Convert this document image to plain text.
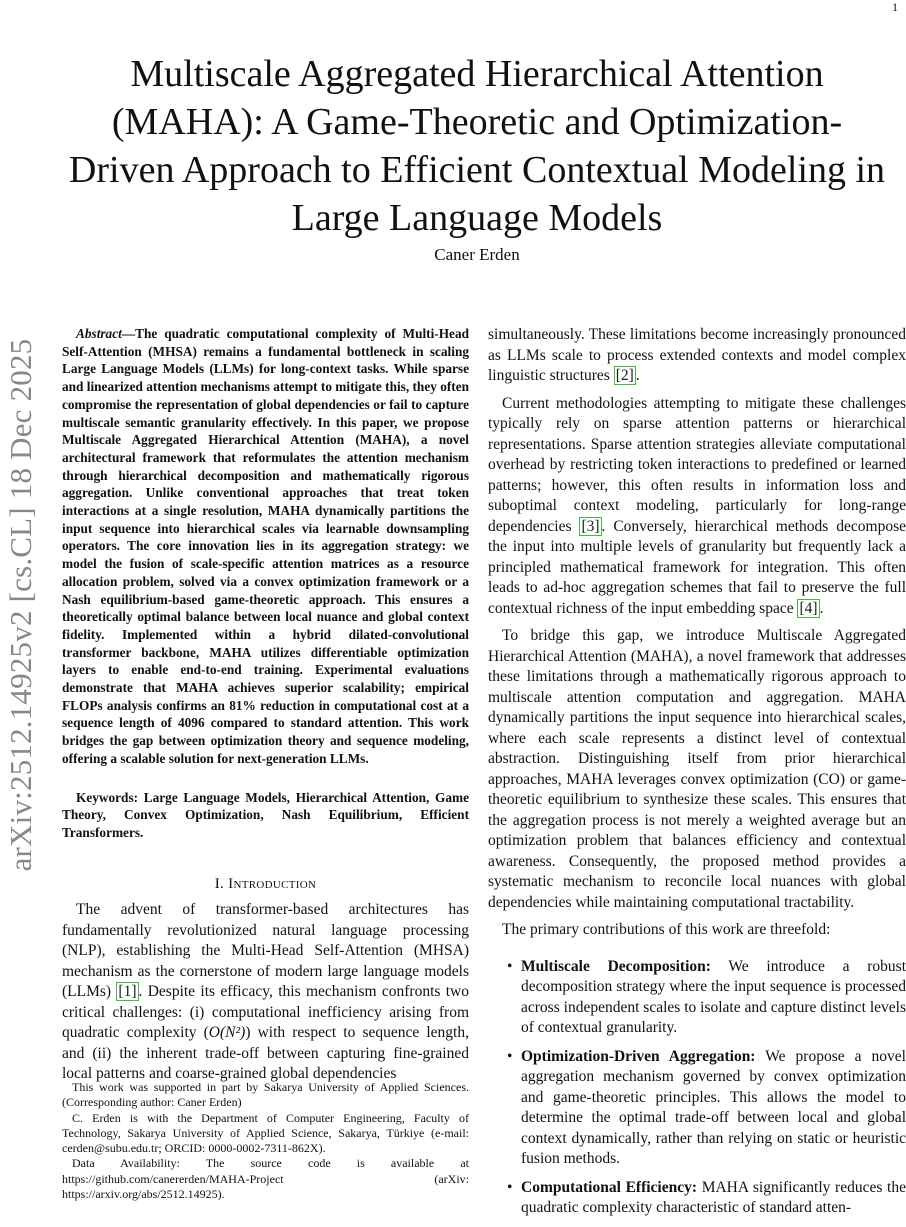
1
arXiv:2512.14925v2 [cs.CL] 18 Dec 2025
Multiscale Aggregated Hierarchical Attention (MAHA): A Game-Theoretic and Optimization-Driven Approach to Efficient Contextual Modeling in Large Language Models
Caner Erden

Abstract—The quadratic computational complexity of Multi-Head Self-Attention (MHSA) remains a fundamental bottleneck in scaling Large Language Models (LLMs) for long-context tasks. While sparse and linearized attention mechanisms attempt to mitigate this, they often compromise the representation of global dependencies or fail to capture multiscale semantic granularity effectively. In this paper, we propose Multiscale Aggregated Hierarchical Attention (MAHA), a novel architectural framework that reformulates the attention mechanism through hierarchical decomposition and mathematically rigorous aggregation. Unlike conventional approaches that treat token interactions at a single resolution, MAHA dynamically partitions the input sequence into hierarchical scales via learnable downsampling operators. The core innovation lies in its aggregation strategy: we model the fusion of scale-specific attention matrices as a resource allocation problem, solved via a convex optimization framework or a Nash equilibrium-based game-theoretic approach. This ensures a theoretically optimal balance between local nuance and global context fidelity. Implemented within a hybrid dilated-convolutional transformer backbone, MAHA utilizes differentiable optimization layers to enable end-to-end training. Experimental evaluations demonstrate that MAHA achieves superior scalability; empirical FLOPs analysis confirms an 81% reduction in computational cost at a sequence length of 4096 compared to standard attention. This work bridges the gap between optimization theory and sequence modeling, offering a scalable solution for next-generation LLMs.

Keywords: Large Language Models, Hierarchical Attention, Game Theory, Convex Optimization, Nash Equilibrium, Efficient Transformers.

I. Introduction

The advent of transformer-based architectures has fundamentally revolutionized natural language processing (NLP), establishing the Multi-Head Self-Attention (MHSA) mechanism as the cornerstone of modern large language models (LLMs) [1] . Despite its efficacy, this mechanism confronts two critical challenges: (i) computational inefficiency arising from quadratic complexity (O(N²)) with respect to sequence length, and (ii) the inherent trade-off between capturing fine-grained local patterns and coarse-grained global dependencies

simultaneously. These limitations become increasingly pronounced as LLMs scale to process extended contexts and model complex linguistic structures [2] .

Current methodologies attempting to mitigate these challenges typically rely on sparse attention patterns or hierarchical representations. Sparse attention strategies alleviate computational overhead by restricting token interactions to predefined or learned patterns; however, this often results in information loss and suboptimal context modeling, particularly for long-range dependencies [3] . Conversely, hierarchical methods decompose the input into multiple levels of granularity but frequently lack a principled mathematical framework for integration. This often leads to ad-hoc aggregation schemes that fail to preserve the full contextual richness of the input embedding space [4] .

To bridge this gap, we introduce Multiscale Aggregated Hierarchical Attention (MAHA), a novel framework that addresses these limitations through a mathematically rigorous approach to multiscale attention computation and aggregation. MAHA dynamically partitions the input sequence into hierarchical scales, where each scale represents a distinct level of contextual abstraction. Distinguishing itself from prior hierarchical approaches, MAHA leverages convex optimization (CO) or game-theoretic equilibrium to synthesize these scales. This ensures that the aggregation process is not merely a weighted average but an optimization problem that balances efficiency and contextual awareness. Consequently, the proposed method provides a systematic mechanism to reconcile local nuances with global dependencies while maintaining computational tractability.

The primary contributions of this work are threefold:

• Multiscale Decomposition: We introduce a robust decomposition strategy where the input sequence is processed across independent scales to isolate and capture distinct levels of contextual granularity.
• Optimization-Driven Aggregation: We propose a novel aggregation mechanism governed by convex optimization and game-theoretic principles. This allows the model to determine the optimal trade-off between local and global context dynamically, rather than relying on static or heuristic fusion methods.
• Computational Efficiency: MAHA significantly reduces the quadratic complexity characteristic of standard atten-

This work was supported in part by Sakarya University of Applied Sciences. (Corresponding author: Caner Erden)

C. Erden is with the Department of Computer Engineering, Faculty of Technology, Sakarya University of Applied Science, Sakarya, Türkiye (e-mail: cerden@subu.edu.tr; ORCID: 0000-0002-7311-862X).

Data Availability: The source code is available at https://github.com/canererden/MAHA-Project (arXiv: https://arxiv.org/abs/2512.14925).
